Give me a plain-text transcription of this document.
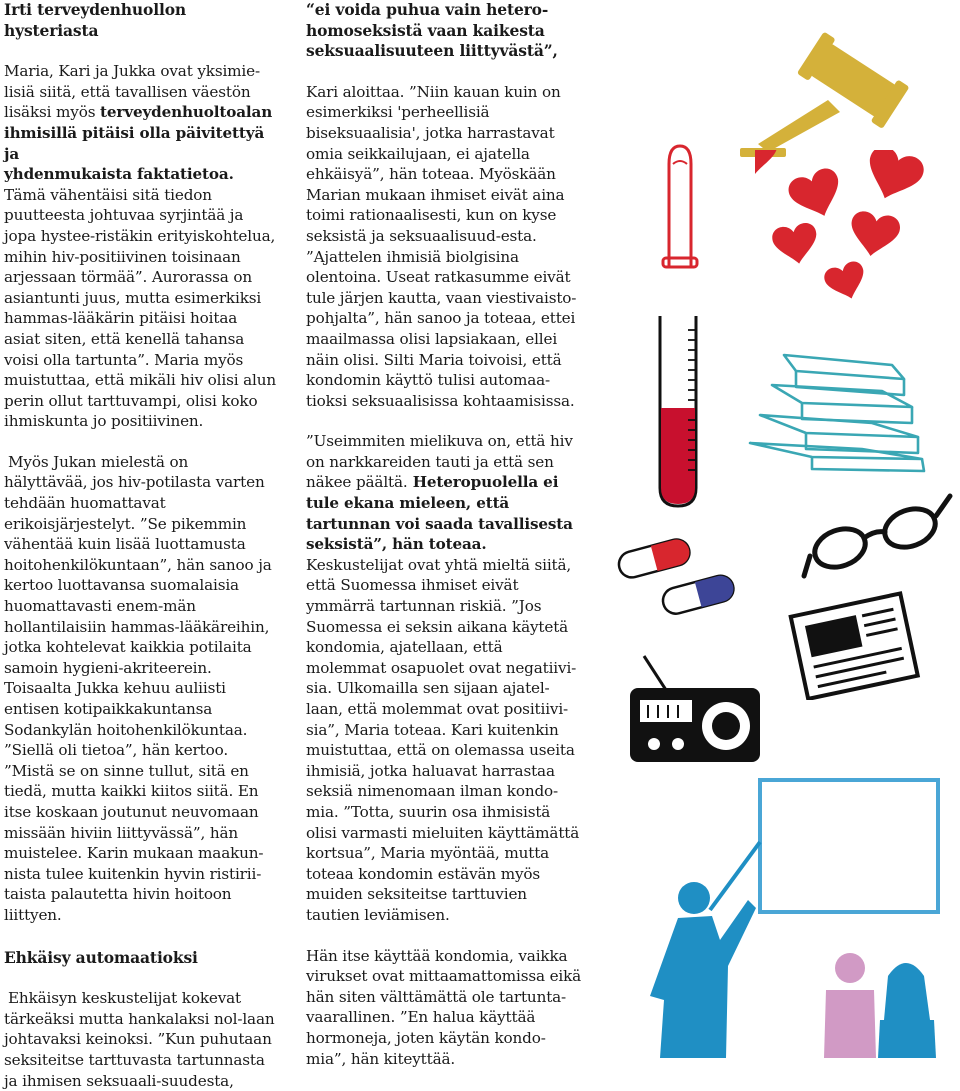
Irti terveydenhuollon hysteriasta

Maria, Kari ja Jukka ovat yksimie-
lisiä siitä, että tavallisen väestön
lisäksi myös terveydenhuoltoalan
ihmisillä pitäisi olla päivitettyä ja
yhdenmukaista faktatietoa. Tämä vähentäisi sitä tiedon puutteesta johtuvaa syrjintää ja jopa hystee-ristäkin erityiskohtelua, mihin hiv-positiivinen toisinaan arjessaan törmää”. Aurorassa on asiantunti juus, mutta esimerkiksi hammas-lääkärin pitäisi hoitaa asiat siten, että kenellä tahansa voisi olla tartunta”. Maria myös muistuttaa, että mikäli hiv olisi alun perin ollut tarttuvampi, olisi koko ihmiskunta jo positiivinen.

Myös Jukan mielestä on hälyttävää, jos hiv-potilasta varten tehdään huomattavat erikoisjärjestelyt. ”Se pikemmin vähentää kuin lisää luottamusta hoitohenkilökuntaan”, hän sanoo ja kertoo luottavansa suomalaisia huomattavasti enem-män hollantilaisiin hammas-lääkäreihin, jotka kohtelevat kaikkia potilaita samoin hygieni-akriteerein. Toisaalta Jukka kehuu auliisti entisen kotipaikkakuntansa Sodankylän hoitohenkilökuntaa. ”Siellä oli tietoa”, hän kertoo. ”Mistä se on sinne tullut, sitä en tiedä, mutta kaikki kiitos siitä. En itse koskaan joutunut neuvomaan missään hiviin liittyvässä”, hän muistelee. Karin mukaan maakun-nista tulee kuitenkin hyvin ristirii-taista palautetta hivin hoitoon liittyen.

Ehkäisy automaatioksi

Ehkäisyn keskustelijat kokevat tärkeäksi mutta hankalaksi nol-laan johtavaksi keinoksi. ”Kun puhutaan seksiteitse tarttuvasta tartunnasta ja ihmisen seksuaali-suudesta,

“ei voida puhua vain hetero-homoseksistä vaan kaikesta seksuaalisuuteen liittyvästä”,

Kari aloittaa. ”Niin kauan kuin on esimerkiksi 'perheellisiä biseksuaalisia', jotka harrastavat omia seikkailujaan, ei ajatella ehkäisyä”, hän toteaa. Myöskään Marian mukaan ihmiset eivät aina toimi rationaalisesti, kun on kyse seksistä ja seksuaalisuud-esta. ”Ajattelen ihmisiä biolgisina olentoina. Useat ratkasumme eivät tule järjen kautta, vaan viestivaisto-pohjalta”, hän sanoo ja toteaa, ettei maailmassa olisi lapsiakaan, ellei näin olisi. Silti Maria toivoisi, että kondomin käyttö tulisi automaa-tioksi seksuaalisissa kohtaamisissa.

”Useimmiten mielikuva on, että hiv on narkkareiden tauti ja että sen näkee päältä. Heteropuolella ei tule ekana mieleen, että tartunnan voi saada tavallisesta seksistä”, hän toteaa. Keskustelijat ovat yhtä mieltä siitä, että Suomessa ihmiset eivät ymmärrä tartunnan riskiä. ”Jos Suomessa ei seksin aikana käytetä kondomia, ajatellaan, että molemmat osapuolet ovat negatiivi-sia. Ulkomailla sen sijaan ajatel-laan, että molemmat ovat positiivi-sia”, Maria toteaa. Kari kuitenkin muistuttaa, että on olemassa useita ihmisiä, jotka haluavat harrastaa seksiä nimenomaan ilman kondo-mia. ”Totta, suurin osa ihmisistä olisi varmasti mieluiten käyttämättä kortsua”, Maria myöntää, mutta toteaa kondomin estävän myös muiden seksiteitse tarttuvien tautien leviämisen.

Hän itse käyttää kondomia, vaikka virukset ovat mittaamattomissa eikä hän siten välttämättä ole tartunta-vaarallinen. ”En halua käyttää hormoneja, joten käytän kondo-mia”, hän kiteyttää.
